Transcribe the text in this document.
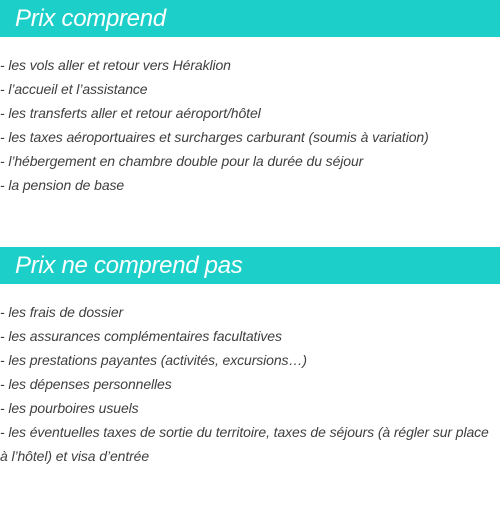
Prix comprend
- les vols aller et retour vers Héraklion
- l’accueil et l’assistance
- les transferts aller et retour aéroport/hôtel
- les taxes aéroportuaires et surcharges carburant (soumis à variation)
- l’hébergement en chambre double pour la durée du séjour
- la pension de base
Prix ne comprend pas
- les frais de dossier
- les assurances complémentaires facultatives
- les prestations payantes (activités, excursions…)
- les dépenses personnelles
- les pourboires usuels
- les éventuelles taxes de sortie du territoire, taxes de séjours (à régler sur place à l’hôtel) et visa d’entrée
